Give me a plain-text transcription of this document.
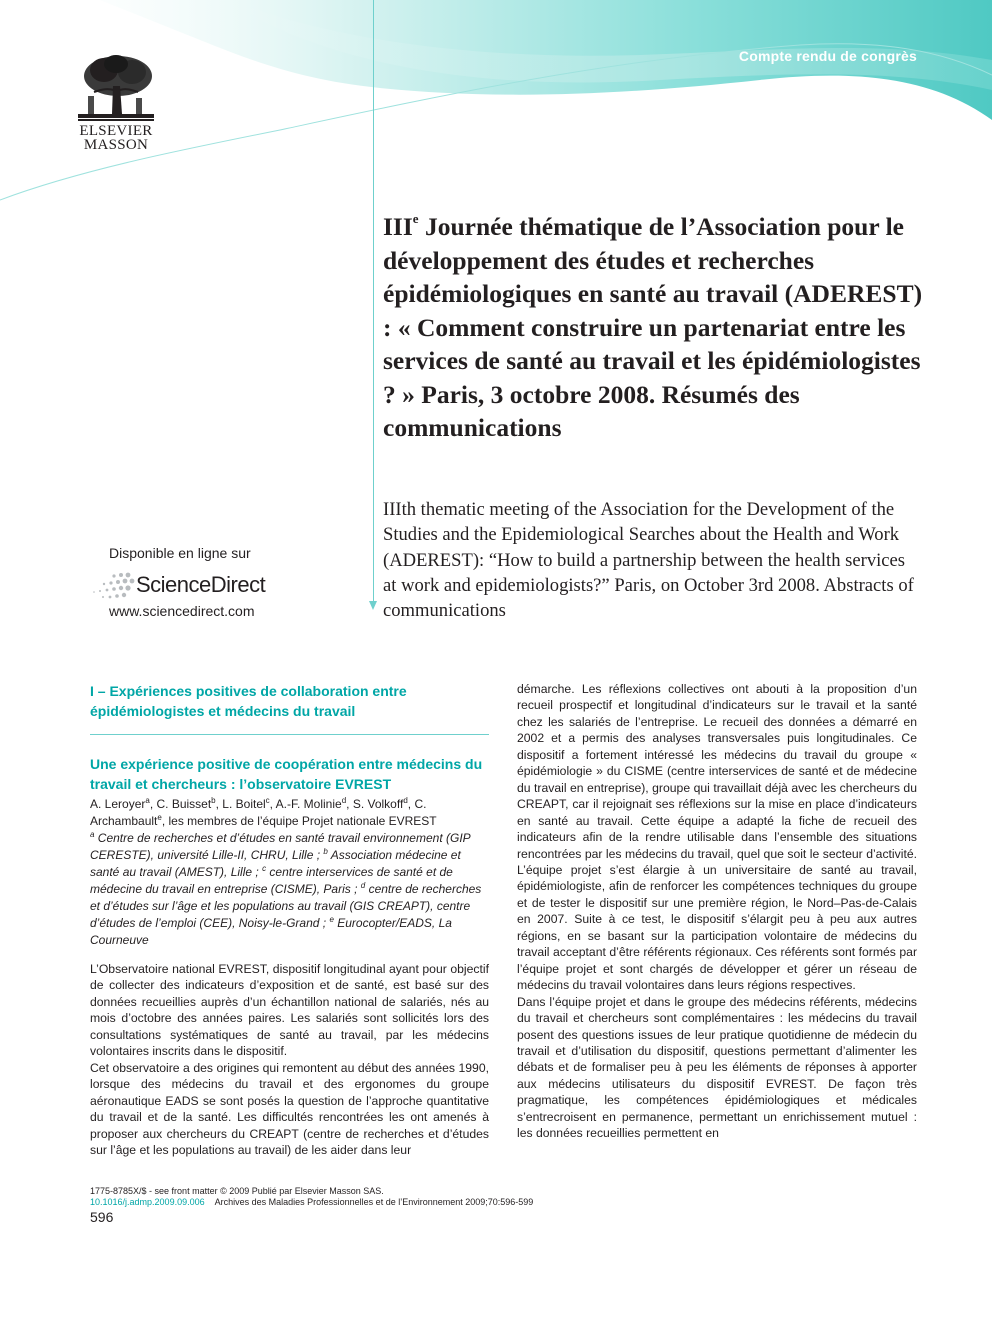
Compte rendu de congrès
ELSEVIER
MASSON
IIIe Journée thématique de l’Association pour le développement des études et recherches épidémiologiques en santé au travail (ADEREST) : « Comment construire un partenariat entre les services de santé au travail et les épidémiologistes ? » Paris, 3 octobre 2008. Résumés des communications
IIIth thematic meeting of the Association for the Development of the Studies and the Epidemiological Searches about the Health and Work (ADEREST): “How to build a partnership between the health services at work and epidemiologists?” Paris, on October 3rd 2008. Abstracts of communications
Disponible en ligne sur
ScienceDirect
www.sciencedirect.com
I – Expériences positives de collaboration entre épidémiologistes et médecins du travail
Une expérience positive de coopération entre médecins du travail et chercheurs : l’observatoire EVREST
A. Leroyer$^a$, C. Buisset$^b$, L. Boitel$^c$, A.-F. Molinie$^d$, S. Volkoff$^d$, C. Archambault$^e$, les membres de l’équipe Projet nationale EVREST
$^a$ Centre de recherches et d’études en santé travail environnement (GIP CERESTE), université Lille-II, CHRU, Lille ; $^b$ Association médecine et santé au travail (AMEST), Lille ; $^c$ centre interservices de santé et de médecine du travail en entreprise (CISME), Paris ; $^d$ centre de recherches et d’études sur l’âge et les populations au travail (GIS CREAPT), centre d’études de l’emploi (CEE), Noisy-le-Grand ; $^e$ Eurocopter/EADS, La Courneuve

L’Observatoire national EVREST, dispositif longitudinal ayant pour objectif de collecter des indicateurs d’exposition et de santé, est basé sur des données recueillies auprès d’un échantillon national de salariés, nés au mois d’octobre des années paires. Les salariés sont sollicités lors des consultations systématiques de santé au travail, par les médecins volontaires inscrits dans le dispositif.

Cet observatoire a des origines qui remontent au début des années 1990, lorsque des médecins du travail et des ergonomes du groupe aéronautique EADS se sont posés la question de l’approche quantitative du travail et de la santé. Les difficultés rencontrées les ont amenés à proposer aux chercheurs du CREAPT (centre de recherches et d’études sur l’âge et les populations au travail) de les aider dans leur

démarche. Les réflexions collectives ont abouti à la proposition d’un recueil prospectif et longitudinal d’indicateurs sur le travail et la santé chez les salariés de l’entreprise. Le recueil des données a démarré en 2002 et a permis des analyses transversales puis longitudinales. Ce dispositif a fortement intéressé les médecins du travail du groupe « épidémiologie » du CISME (centre interservices de santé et de médecine du travail en entreprise), groupe qui travaillait déjà avec les chercheurs du CREAPT, car il rejoignait ses réflexions sur la mise en place d’indicateurs en santé au travail. Cette équipe a adapté la fiche de recueil des indicateurs afin de la rendre utilisable dans l’ensemble des situations rencontrées par les médecins du travail, quel que soit le secteur d’activité. L’équipe projet s’est élargie à un universitaire de santé au travail, épidémiologiste, afin de renforcer les compétences techniques du groupe et de tester le dispositif sur une première région, le Nord–Pas-de-Calais en 2007. Suite à ce test, le dispositif s’élargit peu à peu aux autres régions, en se basant sur la participation volontaire de médecins du travail acceptant d’être référents régionaux. Ces référents sont formés par l’équipe projet et sont chargés de développer et gérer un réseau de médecins du travail volontaires dans leurs régions respectives.

Dans l’équipe projet et dans le groupe des médecins référents, médecins du travail et chercheurs sont complémentaires : les médecins du travail posent des questions issues de leur pratique quotidienne de médecin du travail et d’utilisation du dispositif, questions permettant d’alimenter les débats et de formaliser peu à peu les éléments de réponses à apporter aux médecins utilisateurs du dispositif EVREST. De façon très pragmatique, les compétences épidémiologiques et médicales s’entrecroisent en permanence, permettant un enrichissement mutuel : les données recueillies permettent en

1775-8785X/$ - see front matter © 2009 Publié par Elsevier Masson SAS.
10.1016/j.admp.2009.09.006 Archives des Maladies Professionnelles et de l’Environnement 2009;70:596-599
596
